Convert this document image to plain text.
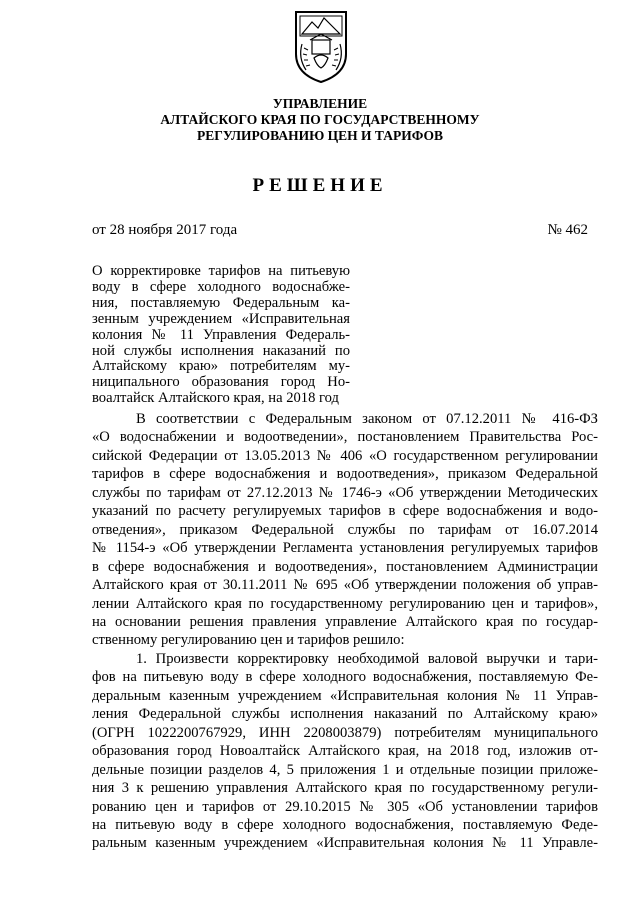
УПРАВЛЕНИЕ
АЛТАЙСКОГО КРАЯ ПО ГОСУДАРСТВЕННОМУ
РЕГУЛИРОВАНИЮ ЦЕН И ТАРИФОВ
РЕШЕНИЕ
от 28 ноября 2017 года	№ 462
О корректировке тарифов на питьевую
воду в сфере холодного водоснабже-
ния, поставляемую Федеральным ка-
зенным учреждением «Исправительная
колония № 11 Управления Федераль-
ной службы исполнения наказаний по
Алтайскому краю» потребителям му-
ниципального образования город Но-
воалтайск Алтайского края, на 2018 год
В соответствии с Федеральным законом от 07.12.2011 № 416-ФЗ
«О водоснабжении и водоотведении», постановлением Правительства Рос-
сийской Федерации от 13.05.2013 № 406 «О государственном регулировании
тарифов в сфере водоснабжения и водоотведения», приказом Федеральной
службы по тарифам от 27.12.2013 № 1746-э «Об утверждении Методических
указаний по расчету регулируемых тарифов в сфере водоснабжения и водо-
отведения», приказом Федеральной службы по тарифам от 16.07.2014
№ 1154-э «Об утверждении Регламента установления регулируемых тарифов
в сфере водоснабжения и водоотведения», постановлением Администрации
Алтайского края от 30.11.2011 № 695 «Об утверждении положения об управ-
лении Алтайского края по государственному регулированию цен и тарифов»,
на основании решения правления управление Алтайского края по государ-
ственному регулированию цен и тарифов решило:
1. Произвести корректировку необходимой валовой выручки и тари-
фов на питьевую воду в сфере холодного водоснабжения, поставляемую Фе-
деральным казенным учреждением «Исправительная колония № 11 Управ-
ления Федеральной службы исполнения наказаний по Алтайскому краю»
(ОГРН 1022200767929, ИНН 2208003879) потребителям муниципального
образования город Новоалтайск Алтайского края, на 2018 год, изложив от-
дельные позиции разделов 4, 5 приложения 1 и отдельные позиции приложе-
ния 3 к решению управления Алтайского края по государственному регули-
рованию цен и тарифов от 29.10.2015 № 305 «Об установлении тарифов
на питьевую воду в сфере холодного водоснабжения, поставляемую Феде-
ральным казенным учреждением «Исправительная колония № 11 Управле-
